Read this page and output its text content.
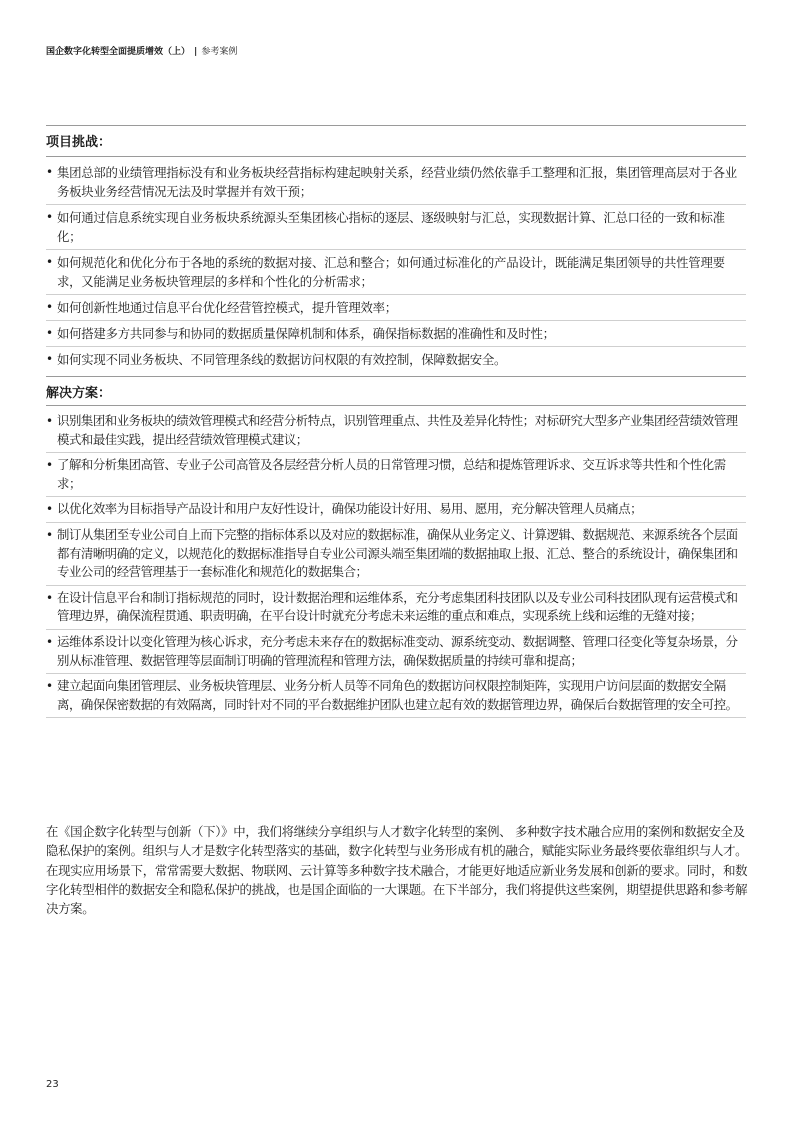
国企数字化转型全面提质增效（上） | 参考案例
项目挑战：
• 集团总部的业绩管理指标没有和业务板块经营指标构建起映射关系，经营业绩仍然依靠手工整理和汇报，集团管理高层对于各业务板块业务经营情况无法及时掌握并有效干预；
• 如何通过信息系统实现自业务板块系统源头至集团核心指标的逐层、逐级映射与汇总，实现数据计算、汇总口径的一致和标准化；
• 如何规范化和优化分布于各地的系统的数据对接、汇总和整合；如何通过标准化的产品设计，既能满足集团领导的共性管理要求，又能满足业务板块管理层的多样和个性化的分析需求；
• 如何创新性地通过信息平台优化经营管控模式，提升管理效率；
• 如何搭建多方共同参与和协同的数据质量保障机制和体系，确保指标数据的准确性和及时性；
• 如何实现不同业务板块、不同管理条线的数据访问权限的有效控制，保障数据安全。
解决方案：
• 识别集团和业务板块的绩效管理模式和经营分析特点，识别管理重点、共性及差异化特性；对标研究大型多产业集团经营绩效管理模式和最佳实践，提出经营绩效管理模式建议；
• 了解和分析集团高管、专业子公司高管及各层经营分析人员的日常管理习惯，总结和提炼管理诉求、交互诉求等共性和个性化需求；
• 以优化效率为目标指导产品设计和用户友好性设计，确保功能设计好用、易用、愿用，充分解决管理人员痛点；
• 制订从集团至专业公司自上而下完整的指标体系以及对应的数据标准，确保从业务定义、计算逻辑、数据规范、来源系统各个层面都有清晰明确的定义，以规范化的数据标准指导自专业公司源头端至集团端的数据抽取上报、汇总、整合的系统设计，确保集团和专业公司的经营管理基于一套标准化和规范化的数据集合；
• 在设计信息平台和制订指标规范的同时，设计数据治理和运维体系，充分考虑集团科技团队以及专业公司科技团队现有运营模式和管理边界，确保流程贯通、职责明确，在平台设计时就充分考虑未来运维的重点和难点，实现系统上线和运维的无缝对接；
• 运维体系设计以变化管理为核心诉求，充分考虑未来存在的数据标准变动、源系统变动、数据调整、管理口径变化等复杂场景，分别从标准管理、数据管理等层面制订明确的管理流程和管理方法，确保数据质量的持续可靠和提高；
• 建立起面向集团管理层、业务板块管理层、业务分析人员等不同角色的数据访问权限控制矩阵，实现用户访问层面的数据安全隔离，确保保密数据的有效隔离，同时针对不同的平台数据维护团队也建立起有效的数据管理边界，确保后台数据管理的安全可控。

在《国企数字化转型与创新（下）》中，我们将继续分享组织与人才数字化转型的案例、 多种数字技术融合应用的案例和数据安全及隐私保护的案例。组织与人才是数字化转型落实的基础，数字化转型与业务形成有机的融合，赋能实际业务最终要依靠组织与人才。在现实应用场景下，常常需要大数据、物联网、云计算等多种数字技术融合，才能更好地适应新业务发展和创新的要求。同时，和数字化转型相伴的数据安全和隐私保护的挑战，也是国企面临的一大课题。在下半部分，我们将提供这些案例，期望提供思路和参考解决方案。

23
